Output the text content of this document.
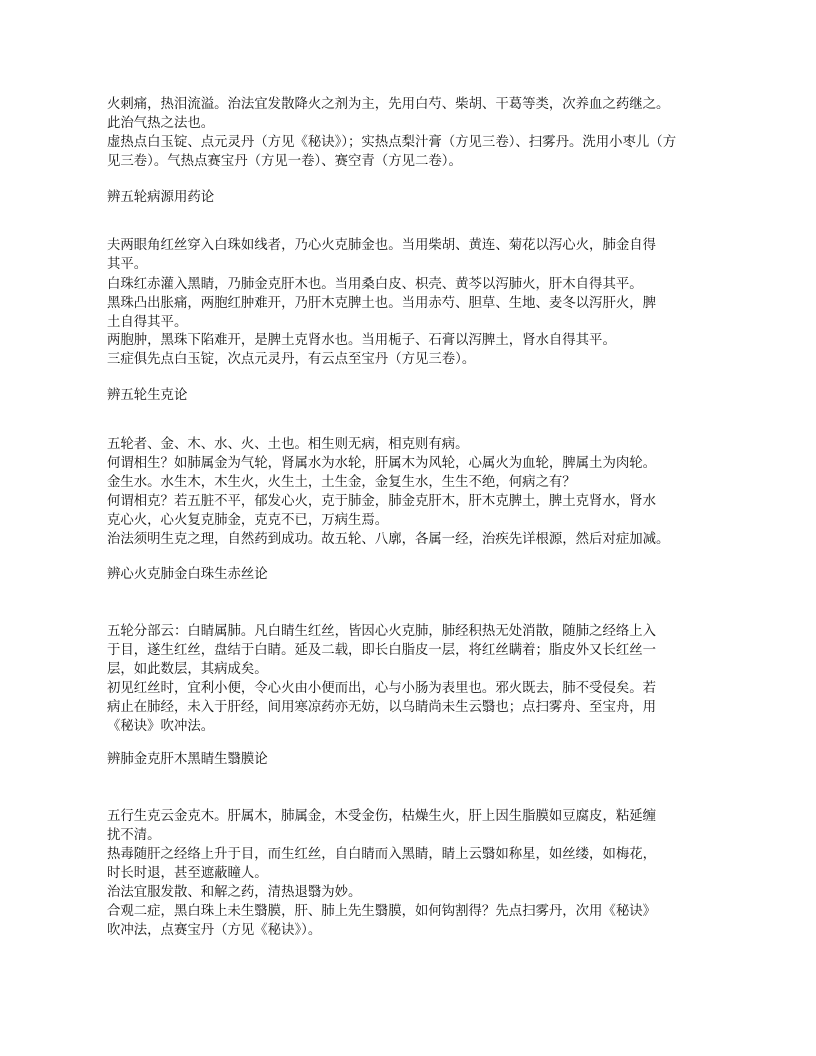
火刺痛，热泪流溢。治法宜发散降火之剂为主，先用白芍、柴胡、干葛等类，次养血之药继之。
此治气热之法也。
虚热点白玉锭、点元灵丹（方见《秘诀》）；实热点梨汁膏（方见三卷）、扫雾丹。洗用小枣儿（方
见三卷）。气热点赛宝丹（方见一卷）、赛空青（方见二卷）。
辨五轮病源用药论
夫两眼角红丝穿入白珠如线者，乃心火克肺金也。当用柴胡、黄连、菊花以泻心火，肺金自得
其平。
白珠红赤灌入黑睛，乃肺金克肝木也。当用桑白皮、枳壳、黄芩以泻肺火，肝木自得其平。
黑珠凸出胀痛，两胞红肿难开，乃肝木克脾土也。当用赤芍、胆草、生地、麦冬以泻肝火，脾
土自得其平。
两胞肿，黑珠下陷难开，是脾土克肾水也。当用栀子、石膏以泻脾土，肾水自得其平。
三症俱先点白玉锭，次点元灵丹，有云点至宝丹（方见三卷）。
辨五轮生克论
五轮者、金、木、水、火、土也。相生则无病，相克则有病。
何谓相生？如肺属金为气轮，肾属水为水轮，肝属木为风轮，心属火为血轮，脾属土为肉轮。
金生水。水生木，木生火，火生土，土生金，金复生水，生生不绝，何病之有？
何谓相克？若五脏不平，郁发心火，克于肺金，肺金克肝木，肝木克脾土，脾土克肾水，肾水
克心火，心火复克肺金，克克不已，万病生焉。
治法须明生克之理，自然药到成功。故五轮、八廓，各属一经，治疾先详根源，然后对症加减。
辨心火克肺金白珠生赤丝论
五轮分部云：白睛属肺。凡白睛生红丝，皆因心火克肺，肺经积热无处消散，随肺之经络上入
于目，遂生红丝，盘结于白睛。延及二载，即长白脂皮一层，将红丝瞒着；脂皮外又长红丝一
层，如此数层，其病成矣。
初见红丝时，宜利小便，令心火由小便而出，心与小肠为表里也。邪火既去，肺不受侵矣。若
病止在肺经，未入于肝经，间用寒凉药亦无妨，以乌睛尚未生云翳也；点扫雾舟、至宝舟，用
《秘诀》吹冲法。
辨肺金克肝木黑睛生翳膜论
五行生克云金克木。肝属木，肺属金，木受金伤，枯燥生火，肝上因生脂膜如豆腐皮，粘延缠
扰不清。
热毒随肝之经络上升于目，而生红丝，自白睛而入黑睛，睛上云翳如称星，如丝缕，如梅花，
时长时退，甚至遮蔽瞳人。
治法宜服发散、和解之药，清热退翳为妙。
合观二症，黑白珠上未生翳膜，肝、肺上先生翳膜，如何钩割得？先点扫雾丹，次用《秘诀》
吹冲法，点赛宝丹（方见《秘诀》）。
